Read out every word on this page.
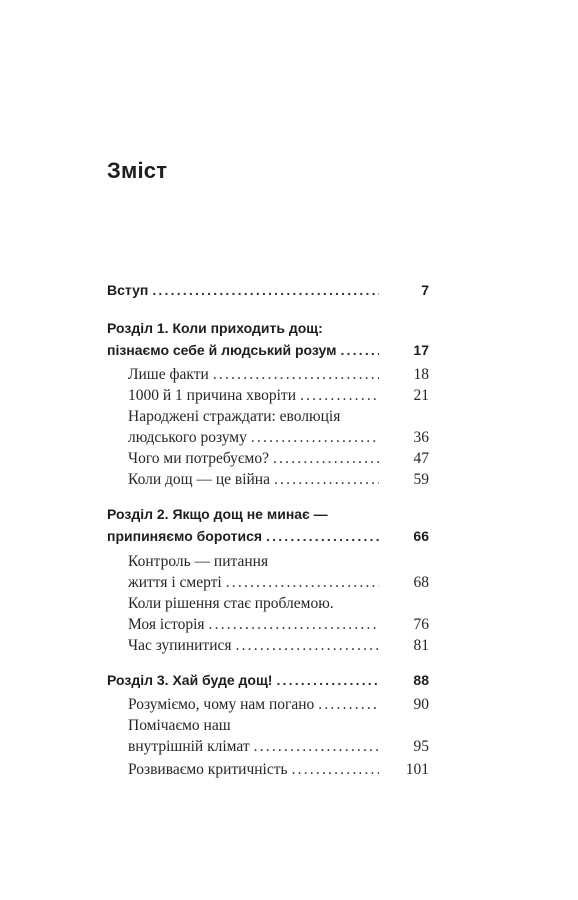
Зміст
Вступ .....	7
Розділ 1. Коли приходить дощ:
пізнаємо себе й людський розум .....	17
Лише факти .....	18
1000 й 1 причина хворіти .....	21
Народжені страждати: еволюція
людського розуму .....	36
Чого ми потребуємо? .....	47
Коли дощ — це війна .....	59
Розділ 2. Якщо дощ не минає —
припиняємо боротися .....	66
Контроль — питання
життя і смерті .....	68
Коли рішення стає проблемою.
Моя історія .....	76
Час зупинитися .....	81
Розділ 3. Хай буде дощ! .....	88
Розуміємо, чому нам погано .....	90
Помічаємо наш
внутрішній клімат .....	95
Розвиваємо критичність .....	101
